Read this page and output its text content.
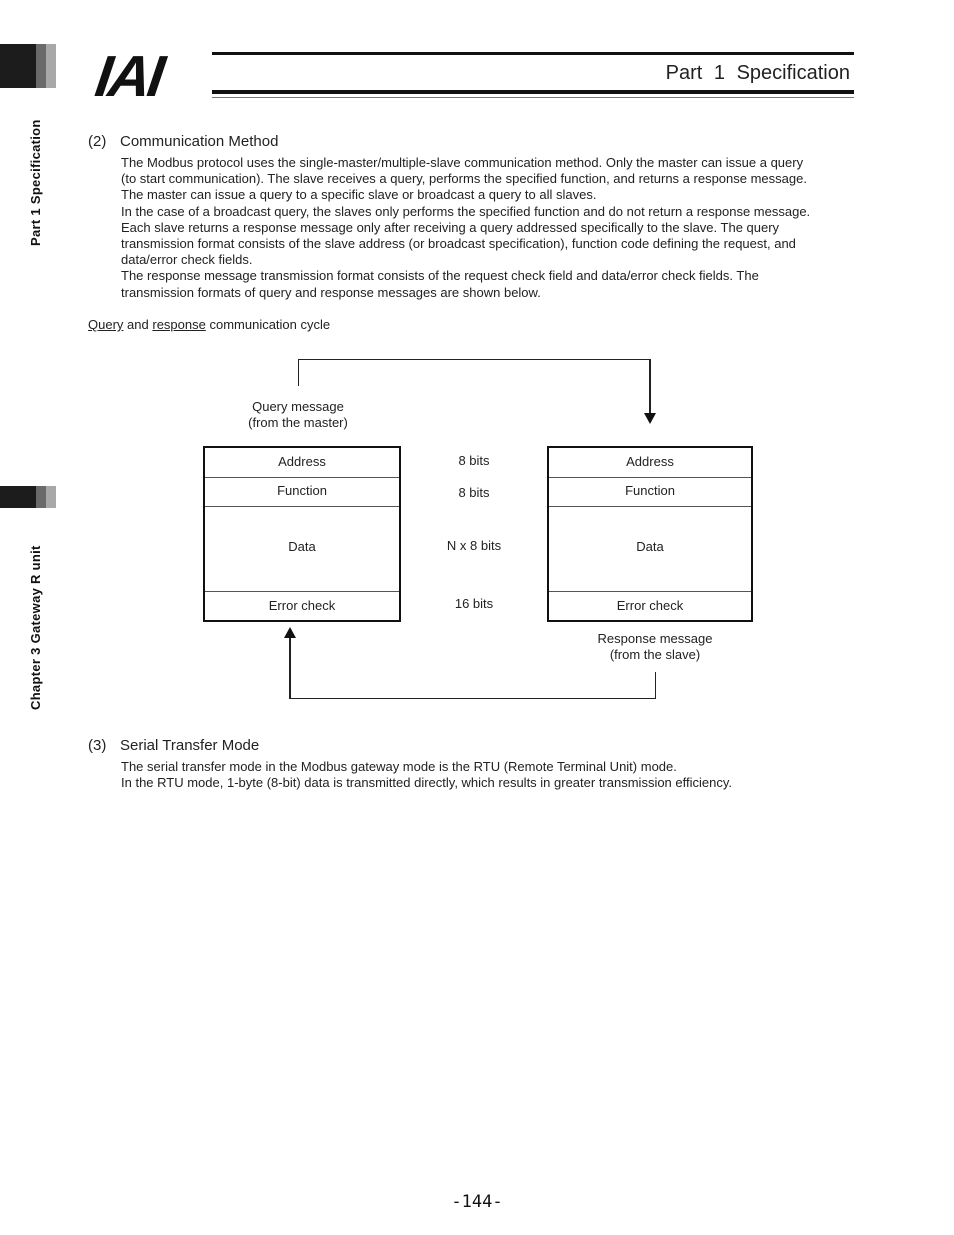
Part 1 Specification
Chapter 3 Gateway R unit
IAI	Part 1 Specification
(2) Communication Method

The Modbus protocol uses the single-master/multiple-slave communication method. Only the master can issue a query

(to start communication). The slave receives a query, performs the specified function, and returns a response message.

The master can issue a query to a specific slave or broadcast a query to all slaves.

In the case of a broadcast query, the slaves only performs the specified function and do not return a response message.

Each slave returns a response message only after receiving a query addressed specifically to the slave. The query

transmission format consists of the slave address (or broadcast specification), function code defining the request, and

data/error check fields.

The response message transmission format consists of the request check field and data/error check fields. The

transmission formats of query and response messages are shown below.

Query and response communication cycle
Query message
(from the master)
Address
Function
Data
Error check
8 bits
8 bits
N x 8 bits
16 bits
Address
Function
Data
Error check
Response message
(from the slave)
(3) Serial Transfer Mode

The serial transfer mode in the Modbus gateway mode is the RTU (Remote Terminal Unit) mode.

In the RTU mode, 1-byte (8-bit) data is transmitted directly, which results in greater transmission efficiency.

-144-
